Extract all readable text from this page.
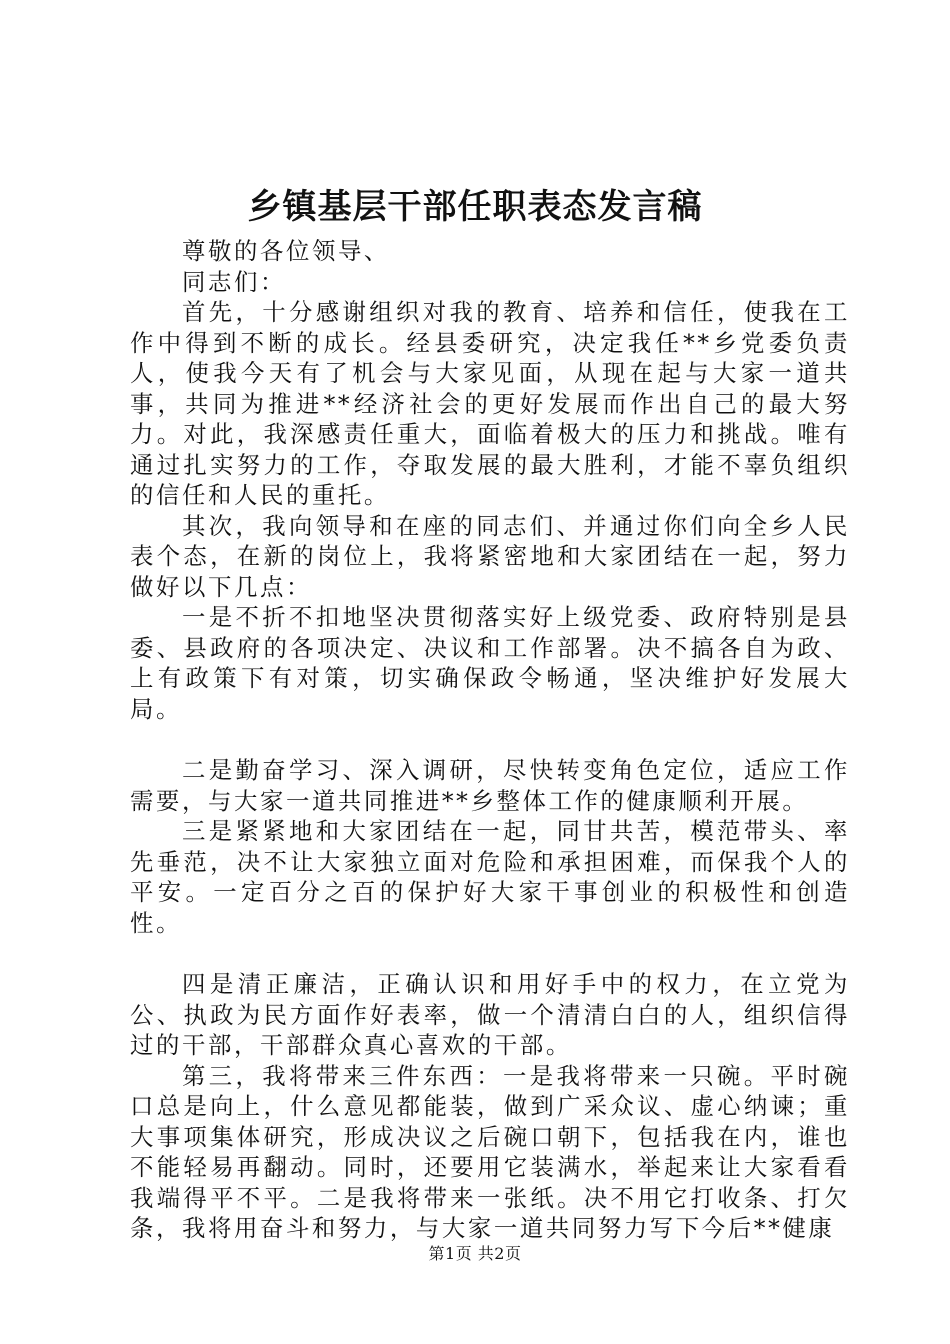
乡镇基层干部任职表态发言稿

尊敬的各位领导、

同志们：

首先，十分感谢组织对我的教育、培养和信任，使我在工作中得到不断的成长。经县委研究，决定我任**乡党委负责人，使我今天有了机会与大家见面，从现在起与大家一道共事，共同为推进**经济社会的更好发展而作出自己的最大努力。对此，我深感责任重大，面临着极大的压力和挑战。唯有通过扎实努力的工作，夺取发展的最大胜利，才能不辜负组织的信任和人民的重托。

其次，我向领导和在座的同志们、并通过你们向全乡人民表个态，在新的岗位上，我将紧密地和大家团结在一起，努力做好以下几点：

一是不折不扣地坚决贯彻落实好上级党委、政府特别是县委、县政府的各项决定、决议和工作部署。决不搞各自为政、上有政策下有对策，切实确保政令畅通，坚决维护好发展大局。

二是勤奋学习、深入调研，尽快转变角色定位，适应工作需要，与大家一道共同推进**乡整体工作的健康顺利开展。

三是紧紧地和大家团结在一起，同甘共苦，模范带头、率先垂范，决不让大家独立面对危险和承担困难，而保我个人的平安。一定百分之百的保护好大家干事创业的积极性和创造性。

四是清正廉洁，正确认识和用好手中的权力，在立党为公、执政为民方面作好表率，做一个清清白白的人，组织信得过的干部，干部群众真心喜欢的干部。

第三，我将带来三件东西：一是我将带来一只碗。平时碗口总是向上，什么意见都能装，做到广采众议、虚心纳谏；重大事项集体研究，形成决议之后碗口朝下，包括我在内，谁也不能轻易再翻动。同时，还要用它装满水，举起来让大家看看我端得平不平。二是我将带来一张纸。决不用它打收条、打欠条，我将用奋斗和努力，与大家一道共同努力写下今后**健康

第1页 共2页
